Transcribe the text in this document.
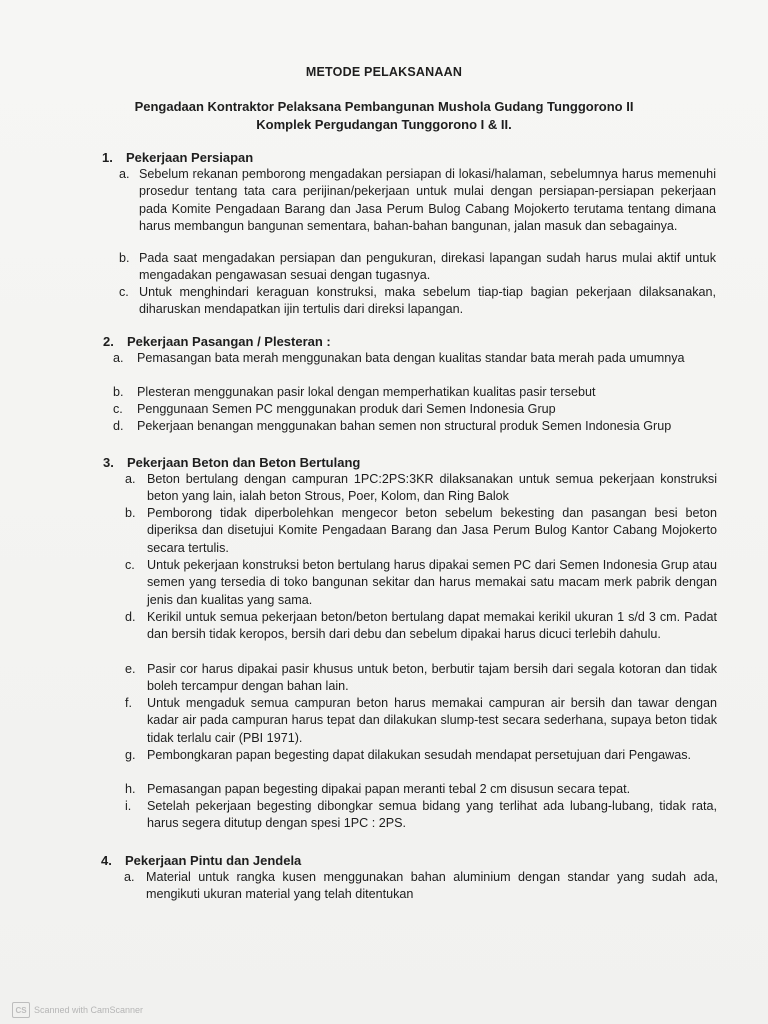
METODE PELAKSANAAN
Pengadaan Kontraktor Pelaksana Pembangunan Mushola Gudang Tunggorono II
Komplek Pergudangan Tunggorono I & II.
1. Pekerjaan Persiapan
a. Sebelum rekanan pemborong mengadakan persiapan di lokasi/halaman, sebelumnya harus memenuhi prosedur tentang tata cara perijinan/pekerjaan untuk mulai dengan persiapan-persiapan pekerjaan pada Komite Pengadaan Barang dan Jasa Perum Bulog Cabang Mojokerto terutama tentang dimana harus membangun bangunan sementara, bahan-bahan bangunan, jalan masuk dan sebagainya.
b. Pada saat mengadakan persiapan dan pengukuran, direkasi lapangan sudah harus mulai aktif untuk mengadakan pengawasan sesuai dengan tugasnya.
c. Untuk menghindari keraguan konstruksi, maka sebelum tiap-tiap bagian pekerjaan dilaksanakan, diharuskan mendapatkan ijin tertulis dari direksi lapangan.
2. Pekerjaan Pasangan / Plesteran :
a. Pemasangan bata merah menggunakan bata dengan kualitas standar bata merah pada umumnya
b. Plesteran menggunakan pasir lokal dengan memperhatikan kualitas pasir tersebut
c. Penggunaan Semen PC menggunakan produk dari Semen Indonesia Grup
d. Pekerjaan benangan menggunakan bahan semen non structural produk Semen Indonesia Grup
3. Pekerjaan Beton dan Beton Bertulang
a. Beton bertulang dengan campuran 1PC:2PS:3KR dilaksanakan untuk semua pekerjaan konstruksi beton yang lain, ialah beton Strous, Poer, Kolom, dan Ring Balok
b. Pemborong tidak diperbolehkan mengecor beton sebelum bekesting dan pasangan besi beton diperiksa dan disetujui Komite Pengadaan Barang dan Jasa Perum Bulog Kantor Cabang Mojokerto secara tertulis.
c. Untuk pekerjaan konstruksi beton bertulang harus dipakai semen PC dari Semen Indonesia Grup atau semen yang tersedia di toko bangunan sekitar dan harus memakai satu macam merk pabrik dengan jenis dan kualitas yang sama.
d. Kerikil untuk semua pekerjaan beton/beton bertulang dapat memakai kerikil ukuran 1 s/d 3 cm. Padat dan bersih tidak keropos, bersih dari debu dan sebelum dipakai harus dicuci terlebih dahulu.
e. Pasir cor harus dipakai pasir khusus untuk beton, berbutir tajam bersih dari segala kotoran dan tidak boleh tercampur dengan bahan lain.
f. Untuk mengaduk semua campuran beton harus memakai campuran air bersih dan tawar dengan kadar air pada campuran harus tepat dan dilakukan slump-test secara sederhana, supaya beton tidak tidak terlalu cair (PBI 1971).
g. Pembongkaran papan begesting dapat dilakukan sesudah mendapat persetujuan dari Pengawas.
h. Pemasangan papan begesting dipakai papan meranti tebal 2 cm disusun secara tepat.
i. Setelah pekerjaan begesting dibongkar semua bidang yang terlihat ada lubang-lubang, tidak rata, harus segera ditutup dengan spesi 1PC : 2PS.
4. Pekerjaan Pintu dan Jendela
a. Material untuk rangka kusen menggunakan bahan aluminium dengan standar yang sudah ada, mengikuti ukuran material yang telah ditentukan
CS Scanned with CamScanner
